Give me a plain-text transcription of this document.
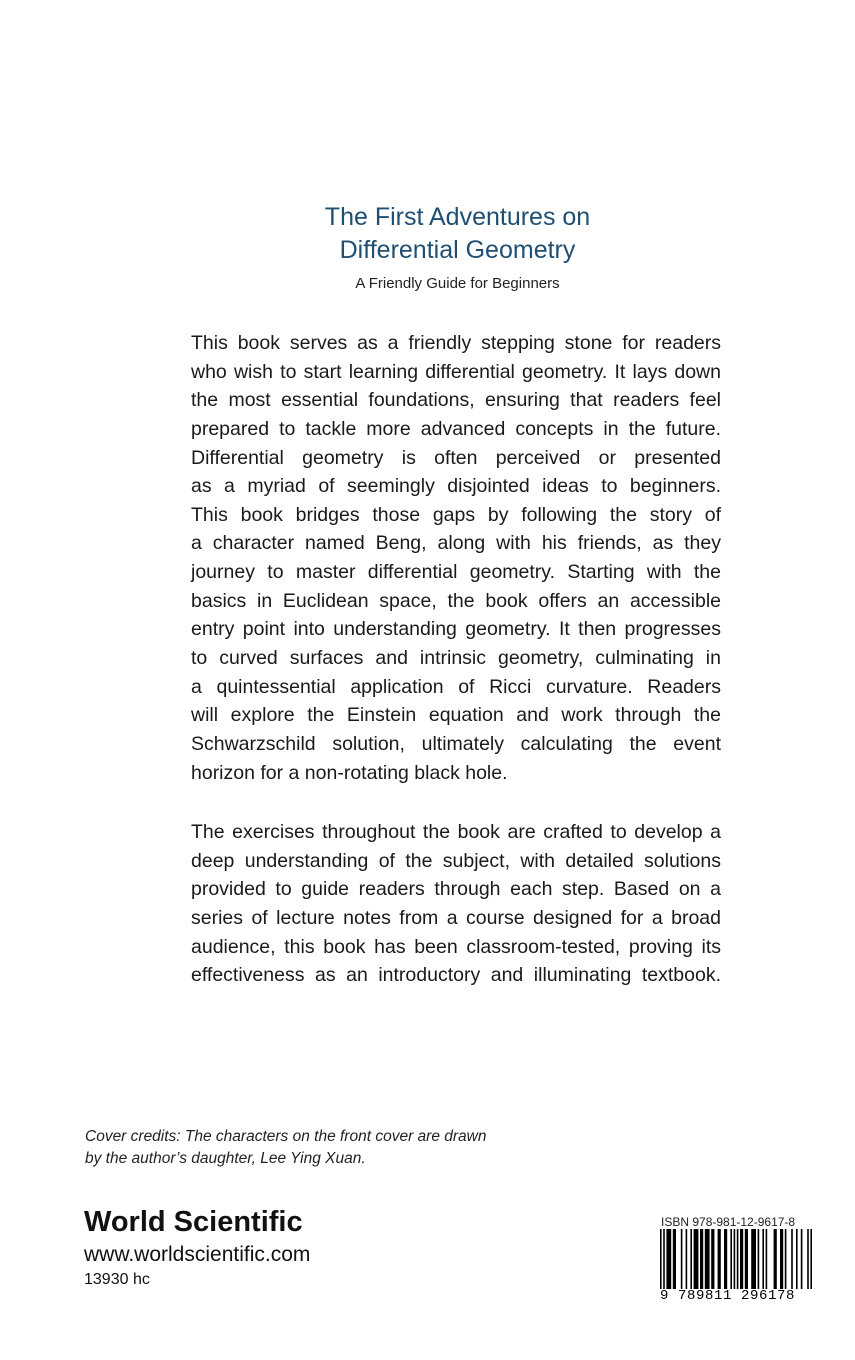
The First Adventures on
Differential Geometry
A Friendly Guide for Beginners
This book serves as a friendly stepping stone for readers
who wish to start learning differential geometry. It lays down
the most essential foundations, ensuring that readers feel
prepared to tackle more advanced concepts in the future.
Differential geometry is often perceived or presented
as a myriad of seemingly disjointed ideas to beginners.
This book bridges those gaps by following the story of
a character named Beng, along with his friends, as they
journey to master differential geometry. Starting with the
basics in Euclidean space, the book offers an accessible
entry point into understanding geometry. It then progresses
to curved surfaces and intrinsic geometry, culminating in
a quintessential application of Ricci curvature. Readers
will explore the Einstein equation and work through the
Schwarzschild solution, ultimately calculating the event
horizon for a non-rotating black hole.
The exercises throughout the book are crafted to develop a
deep understanding of the subject, with detailed solutions
provided to guide readers through each step. Based on a
series of lecture notes from a course designed for a broad
audience, this book has been classroom-tested, proving its
effectiveness as an introductory and illuminating textbook.
Cover credits: The characters on the front cover are drawn
by the author’s daughter, Lee Ying Xuan.
World Scientific
www.worldscientific.com
13930 hc
ISBN 978-981-12-9617-8
9 789811 296178
